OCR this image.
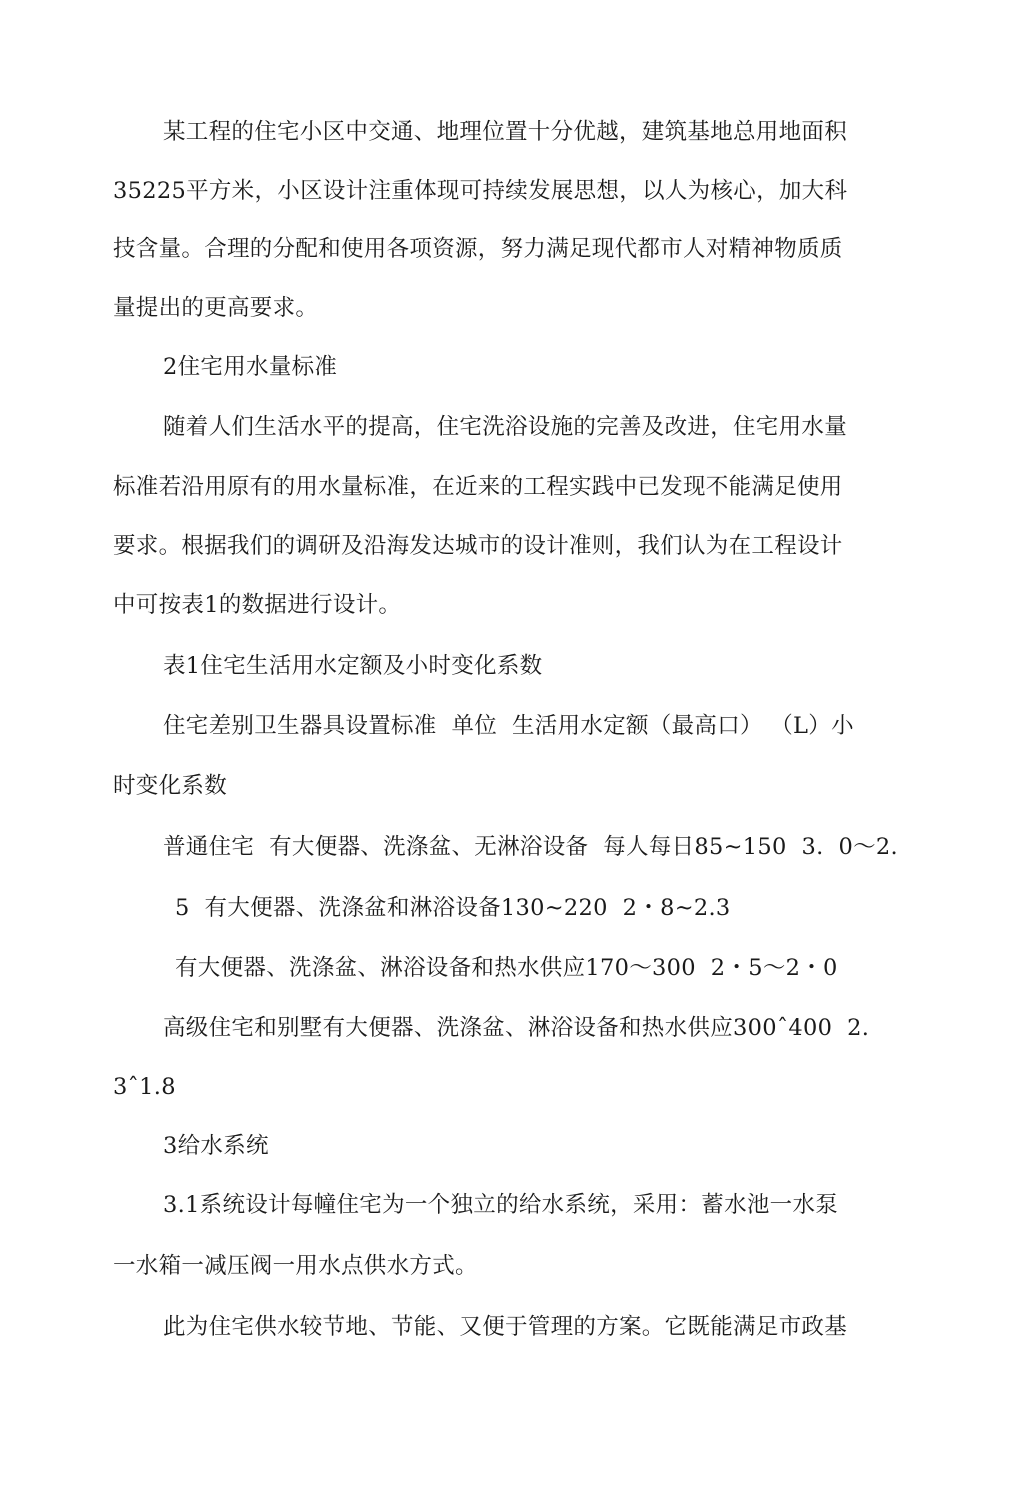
某工程的住宅小区中交通、地理位置十分优越，建筑基地总用地面积
35225平方米，小区设计注重体现可持续发展思想，以人为核心，加大科
技含量。合理的分配和使用各项资源，努力满足现代都市人对精神物质质
量提出的更高要求。
2住宅用水量标准
随着人们生活水平的提高，住宅洗浴设施的完善及改进，住宅用水量
标准若沿用原有的用水量标准，在近来的工程实践中已发现不能满足使用
要求。根据我们的调研及沿海发达城市的设计准则，我们认为在工程设计
中可按表1的数据进行设计。
表1住宅生活用水定额及小时变化系数
住宅差别卫生器具设置标准  单位  生活用水定额（最高口） （L）小
时变化系数
普通住宅  有大便器、洗涤盆、无淋浴设备  每人每日85~150  3.  0～2.
5  有大便器、洗涤盆和淋浴设备130~220  2・8~2.3
有大便器、洗涤盆、淋浴设备和热水供应170～300  2・5～2・0
高级住宅和别墅有大便器、洗涤盆、淋浴设备和热水供应300ˆ400  2.
3ˆ1.8
3给水系统
3.1系统设计每幢住宅为一个独立的给水系统，采用：蓄水池一水泵
一水箱一减压阀一用水点供水方式。
此为住宅供水较节地、节能、又便于管理的方案。它既能满足市政基
